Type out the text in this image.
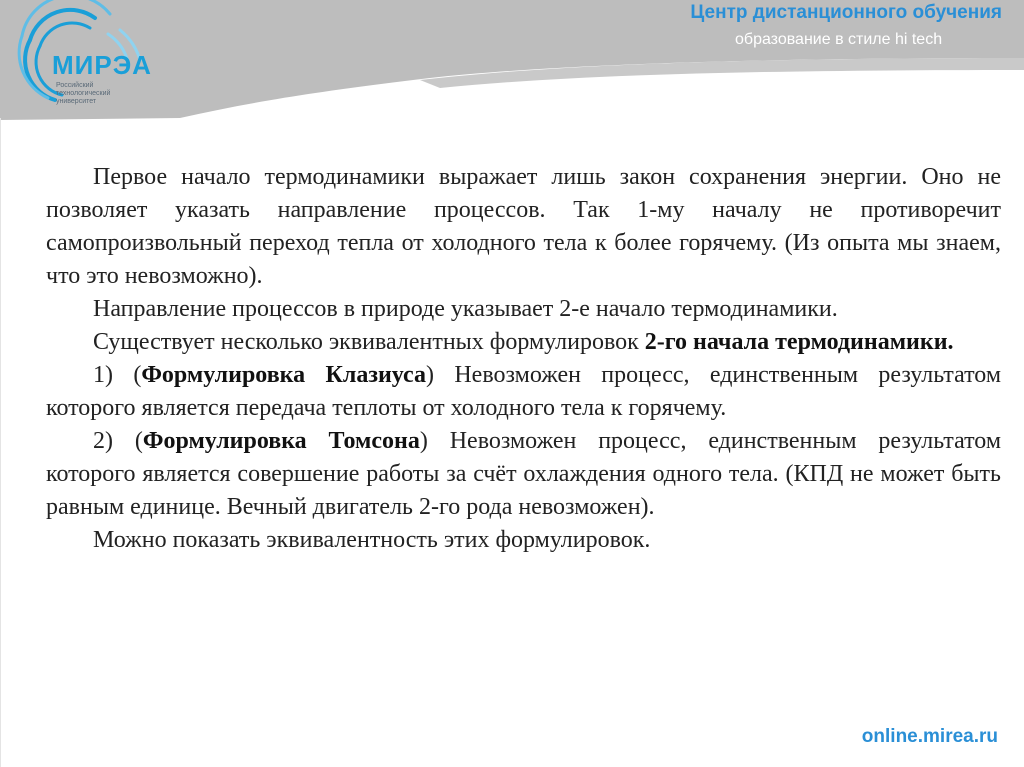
МИРЭА
Российский технологический университет
Центр дистанционного обучения
образование в стиле hi tech

Первое начало термодинамики выражает лишь закон сохранения энергии. Оно не позволяет указать направление процессов. Так 1-му началу не противоречит самопроизвольный переход тепла от холодного тела к более горячему. (Из опыта мы знаем, что это невозможно).

Направление процессов в природе указывает 2-е начало термодинамики.

Существует несколько эквивалентных формулировок 2-го начала термодинамики.

1) (Формулировка Клазиуса) Невозможен процесс, единственным результатом которого является передача теплоты от холодного тела к горячему.

2) (Формулировка Томсона) Невозможен процесс, единственным результатом которого является совершение работы за счёт охлаждения одного тела. (КПД не может быть равным единице. Вечный двигатель 2-го рода невозможен).

Можно показать эквивалентность этих формулировок.

online.mirea.ru
